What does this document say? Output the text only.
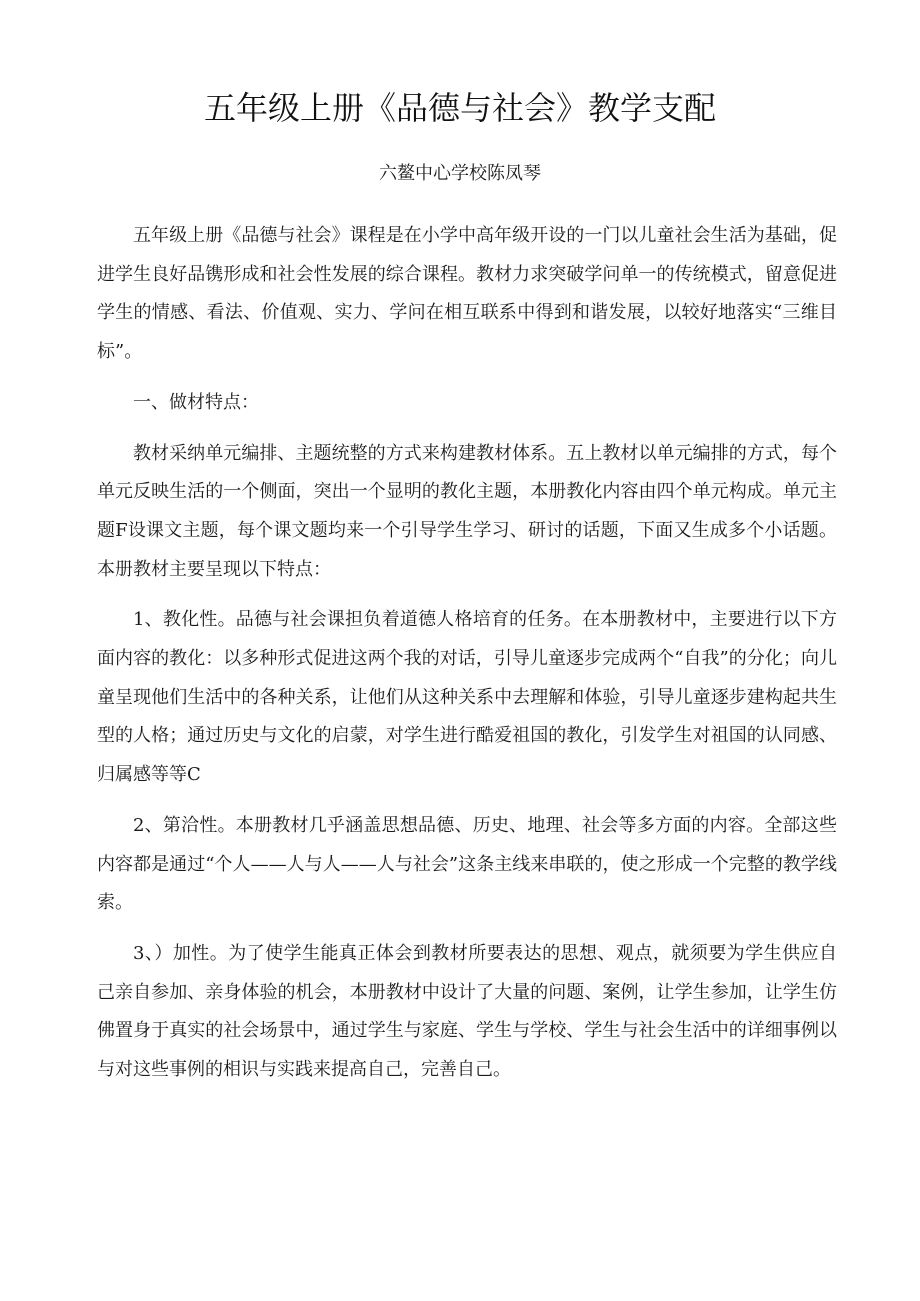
五年级上册《品德与社会》教学支配
六鳌中心学校陈凤琴

五年级上册《品德与社会》课程是在小学中高年级开设的一门以儿童社会生活为基础，促进学生良好品镌形成和社会性发展的综合课程。教材力求突破学问单一的传统模式，留意促进学生的情感、看法、价值观、实力、学问在相互联系中得到和谐发展，以较好地落实“三维目标”。

一、做材特点：

教材采纳单元编排、主题统整的方式来构建教材体系。五上教材以单元编排的方式，每个单元反映生活的一个侧面，突出一个显明的教化主题，本册教化内容由四个单元构成。单元主题F设课文主题，每个课文题均来一个引导学生学习、研讨的话题，下面又生成多个小话题。本册教材主要呈现以下特点：

1、教化性。品德与社会课担负着道德人格培育的任务。在本册教材中，主要进行以下方面内容的教化：以多种形式促进这两个我的对话，引导儿童逐步完成两个“自我”的分化；向儿童呈现他们生活中的各种关系，让他们从这种关系中去理解和体验，引导儿童逐步建构起共生型的人格；通过历史与文化的启蒙，对学生进行酷爱祖国的教化，引发学生对祖国的认同感、归属感等等C

2、第洽性。本册教材几乎涵盖思想品德、历史、地理、社会等多方面的内容。全部这些内容都是通过“个人——人与人——人与社会”这条主线来串联的，使之形成一个完整的教学线索。

3、）加性。为了使学生能真正体会到教材所要表达的思想、观点，就须要为学生供应自己亲自参加、亲身体验的机会，本册教材中设计了大量的问题、案例，让学生参加，让学生仿佛置身于真实的社会场景中，通过学生与家庭、学生与学校、学生与社会生活中的详细事例以与对这些事例的相识与实践来提高自己，完善自己。
